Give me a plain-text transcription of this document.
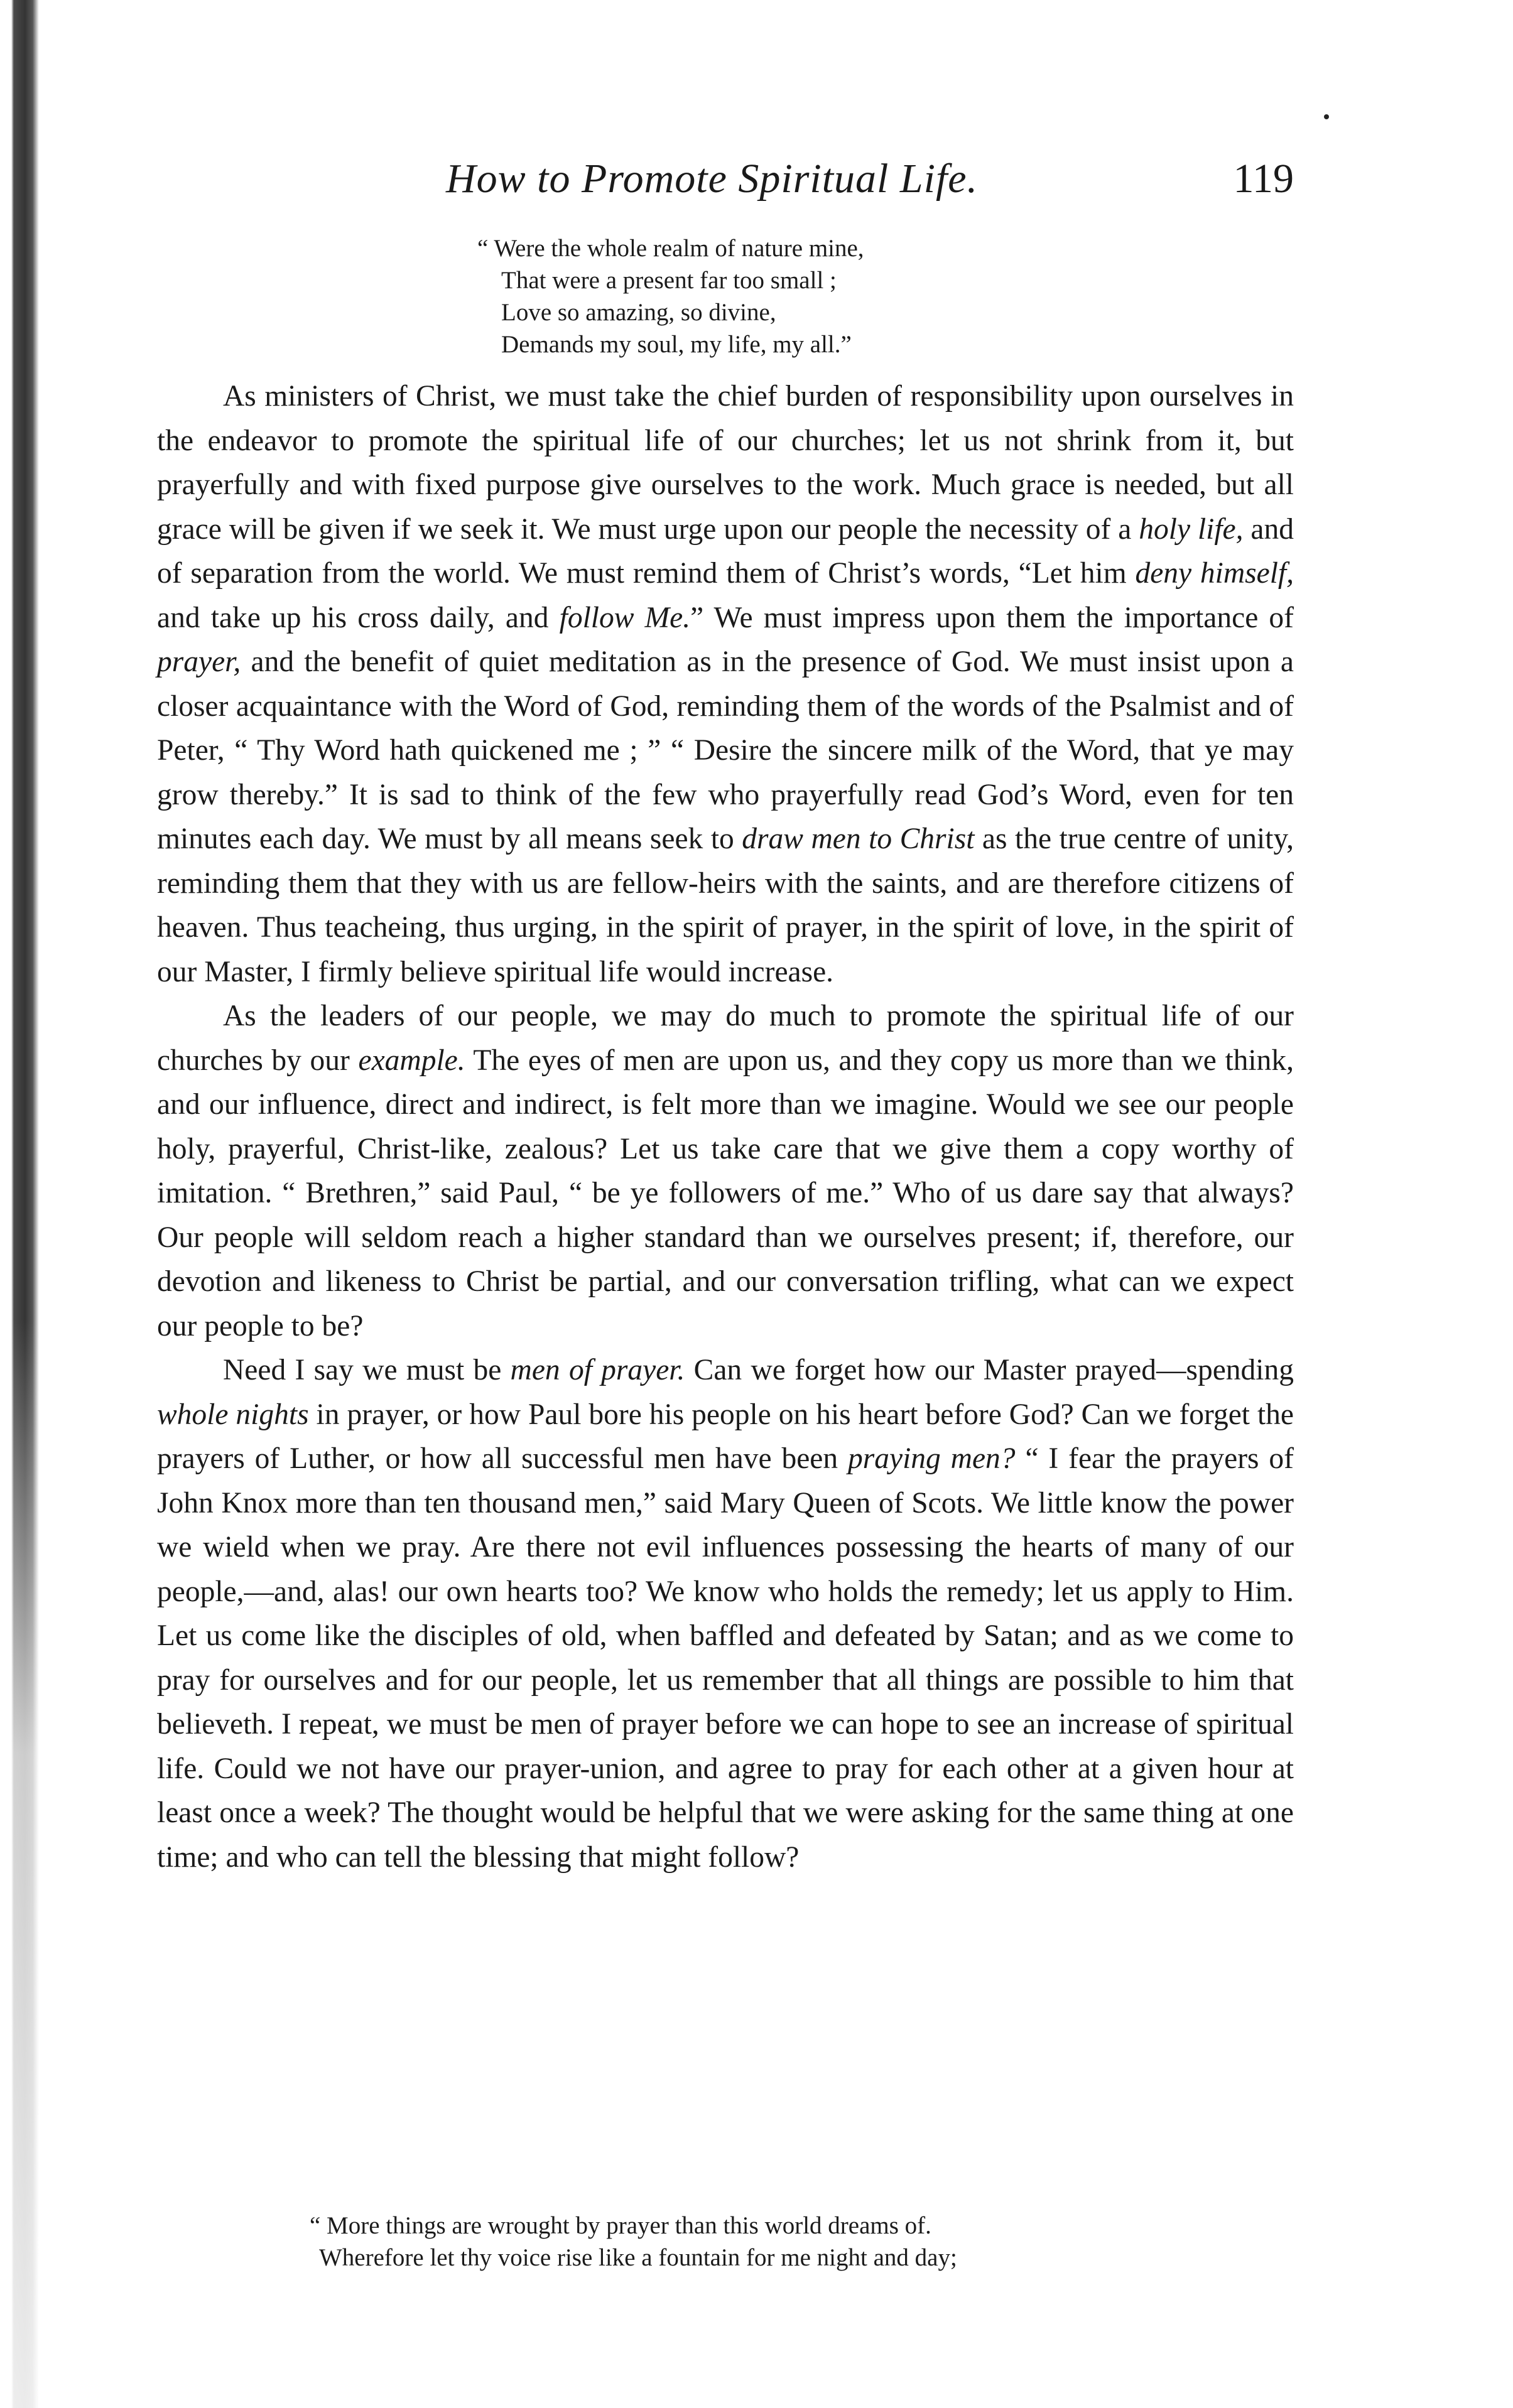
How to Promote Spiritual Life.	119
“ Were the whole realm of nature mine,
That were a present far too small ;
Love so amazing, so divine,
Demands my soul, my life, my all.”

As ministers of Christ, we must take the chief burden of responsibility upon ourselves in the endeavor to promote the spiritual life of our churches; let us not shrink from it, but prayerfully and with fixed purpose give ourselves to the work. Much grace is needed, but all grace will be given if we seek it. We must urge upon our people the necessity of a holy life, and of separation from the world. We must remind them of Christ’s words, “Let him deny himself, and take up his cross daily, and follow Me.” We must impress upon them the importance of prayer, and the benefit of quiet meditation as in the presence of God. We must insist upon a closer acquaintance with the Word of God, reminding them of the words of the Psalmist and of Peter, “ Thy Word hath quickened me ; ” “ Desire the sincere milk of the Word, that ye may grow thereby.” It is sad to think of the few who prayerfully read God’s Word, even for ten minutes each day. We must by all means seek to draw men to Christ as the true centre of unity, reminding them that they with us are fellow-heirs with the saints, and are therefore citizens of heaven. Thus teacheing, thus urging, in the spirit of prayer, in the spirit of love, in the spirit of our Master, I firmly believe spiritual life would increase.

As the leaders of our people, we may do much to promote the spiritual life of our churches by our example. The eyes of men are upon us, and they copy us more than we think, and our influence, direct and indirect, is felt more than we imagine. Would we see our people holy, prayerful, Christ-like, zealous? Let us take care that we give them a copy worthy of imitation. “ Brethren,” said Paul, “ be ye followers of me.” Who of us dare say that always? Our people will seldom reach a higher standard than we ourselves present; if, therefore, our devotion and likeness to Christ be partial, and our conversation trifling, what can we expect our people to be?

Need I say we must be men of prayer. Can we forget how our Master prayed—spending whole nights in prayer, or how Paul bore his people on his heart before God? Can we forget the prayers of Luther, or how all successful men have been praying men? “ I fear the prayers of John Knox more than ten thousand men,” said Mary Queen of Scots. We little know the power we wield when we pray. Are there not evil influences possessing the hearts of many of our people,—and, alas! our own hearts too? We know who holds the remedy; let us apply to Him. Let us come like the disciples of old, when baffled and defeated by Satan; and as we come to pray for ourselves and for our people, let us remember that all things are possible to him that believeth. I repeat, we must be men of prayer before we can hope to see an increase of spiritual life. Could we not have our prayer-union, and agree to pray for each other at a given hour at least once a week? The thought would be helpful that we were asking for the same thing at one time; and who can tell the blessing that might follow?

“ More things are wrought by prayer than this world dreams of.
Wherefore let thy voice rise like a fountain for me night and day;
